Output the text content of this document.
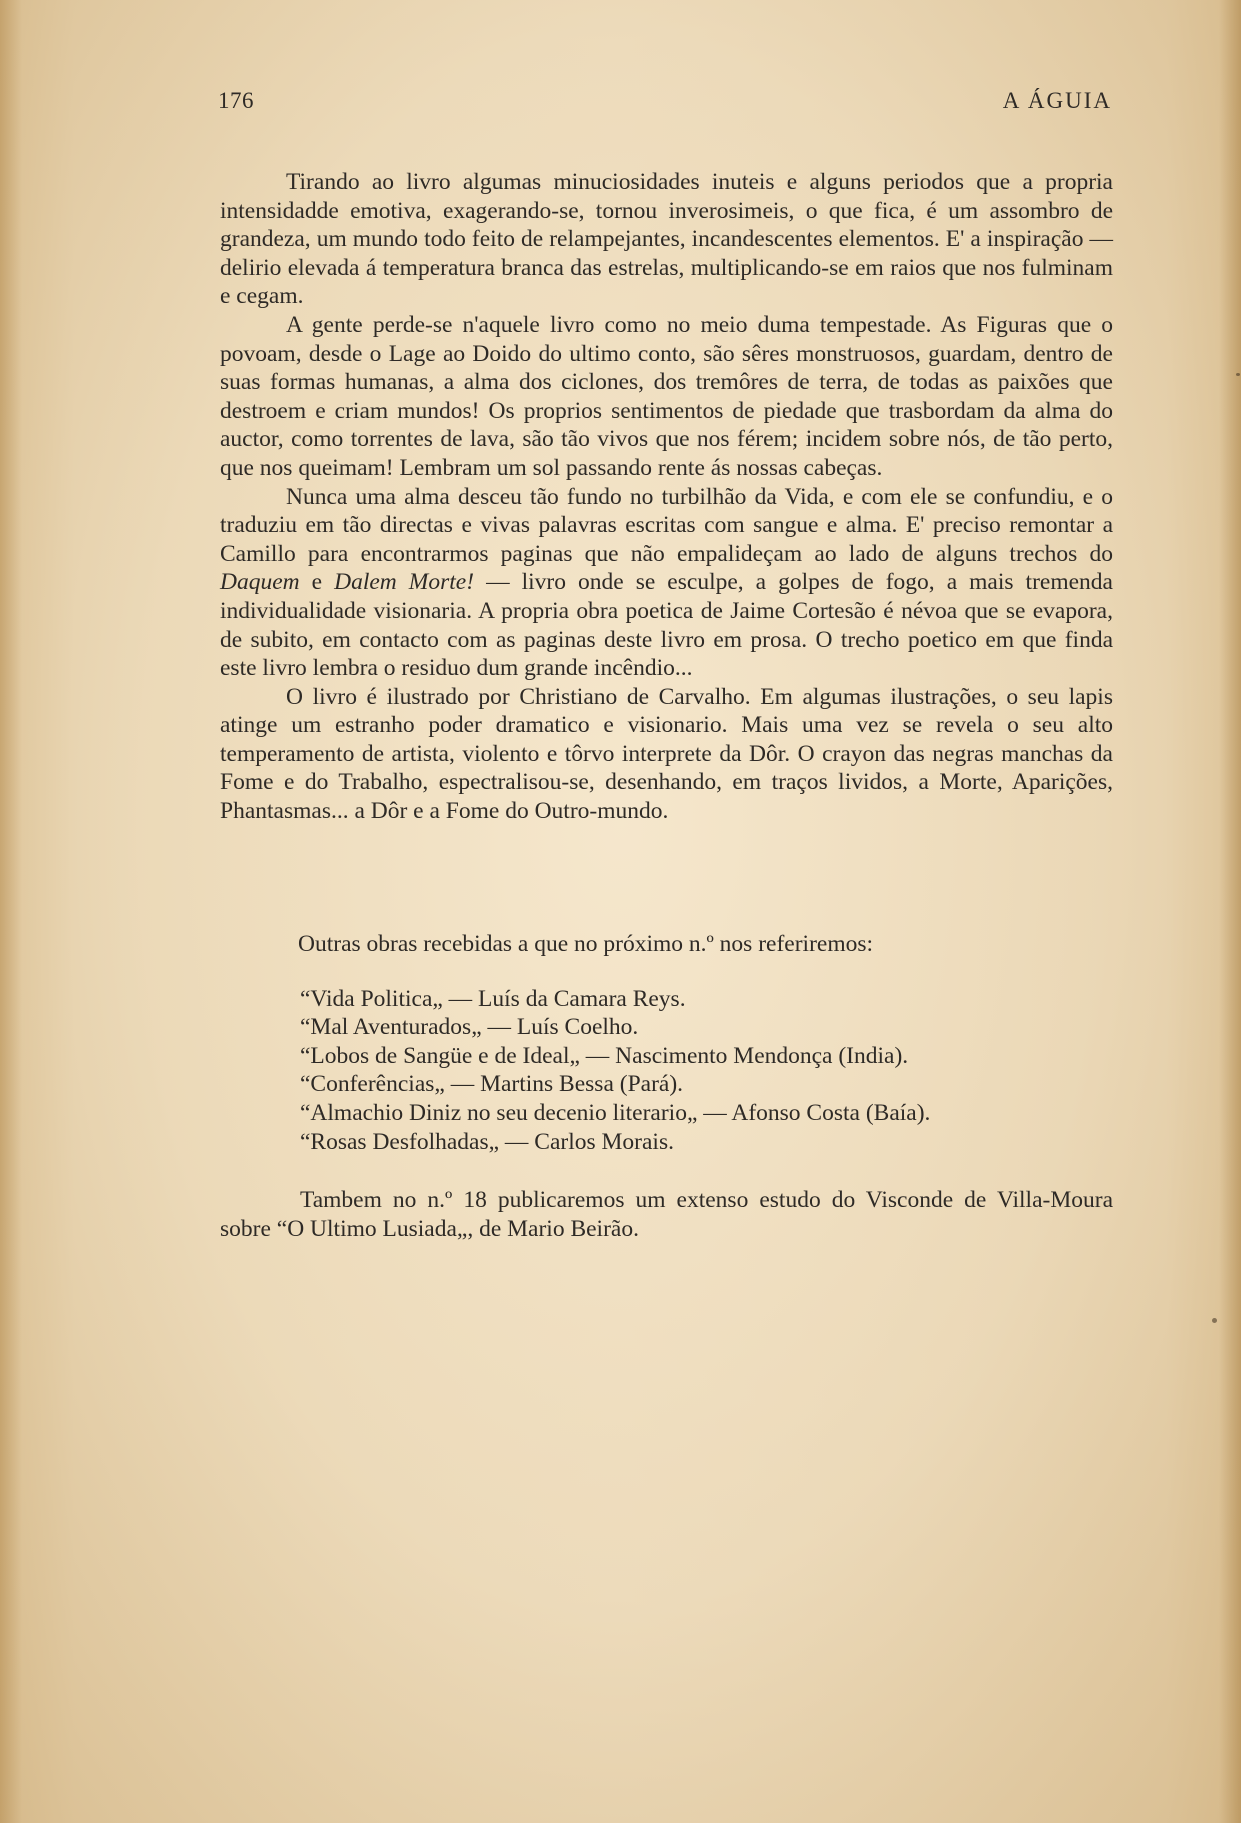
176	A ÁGUIA

Tirando ao livro algumas minuciosidades inuteis e alguns periodos que a propria intensidadde emotiva, exagerando-se, tornou inverosimeis, o que fica, é um assombro de grandeza, um mundo todo feito de relampejantes, incandescentes elementos. E' a inspiração — delirio elevada á temperatura branca das estrelas, multiplicando-se em raios que nos fulminam e cegam.

A gente perde-se n'aquele livro como no meio duma tempestade. As Figuras que o povoam, desde o Lage ao Doido do ultimo conto, são sêres monstruosos, guardam, dentro de suas formas humanas, a alma dos ciclones, dos tremôres de terra, de todas as paixões que destroem e criam mundos! Os proprios sentimentos de piedade que trasbordam da alma do auctor, como torrentes de lava, são tão vivos que nos férem; incidem sobre nós, de tão perto, que nos queimam! Lembram um sol passando rente ás nossas cabeças.

Nunca uma alma desceu tão fundo no turbilhão da Vida, e com ele se confundiu, e o traduziu em tão directas e vivas palavras escritas com sangue e alma. E' preciso remontar a Camillo para encontrarmos paginas que não empalideçam ao lado de alguns trechos do Daquem e Dalem Morte! — livro onde se esculpe, a golpes de fogo, a mais tremenda individualidade visionaria. A propria obra poetica de Jaime Cortesão é névoa que se evapora, de subito, em contacto com as paginas deste livro em prosa. O trecho poetico em que finda este livro lembra o residuo dum grande incêndio...

O livro é ilustrado por Christiano de Carvalho. Em algumas ilustrações, o seu lapis atinge um estranho poder dramatico e visionario. Mais uma vez se revela o seu alto temperamento de artista, violento e tôrvo interprete da Dôr. O crayon das negras manchas da Fome e do Trabalho, espectralisou-se, desenhando, em traços lividos, a Morte, Aparições, Phantasmas... a Dôr e a Fome do Outro-mundo.

Outras obras recebidas a que no próximo n.º nos referiremos:

“Vida Politica„ — Luís da Camara Reys.
“Mal Aventurados„ — Luís Coelho.
“Lobos de Sangüe e de Ideal„ — Nascimento Mendonça (India).
“Conferências„ — Martins Bessa (Pará).
“Almachio Diniz no seu decenio literario„ — Afonso Costa (Baía).
“Rosas Desfolhadas„ — Carlos Morais.

Tambem no n.º 18 publicaremos um extenso estudo do Visconde de Villa-Moura sobre “O Ultimo Lusiada„, de Mario Beirão.
